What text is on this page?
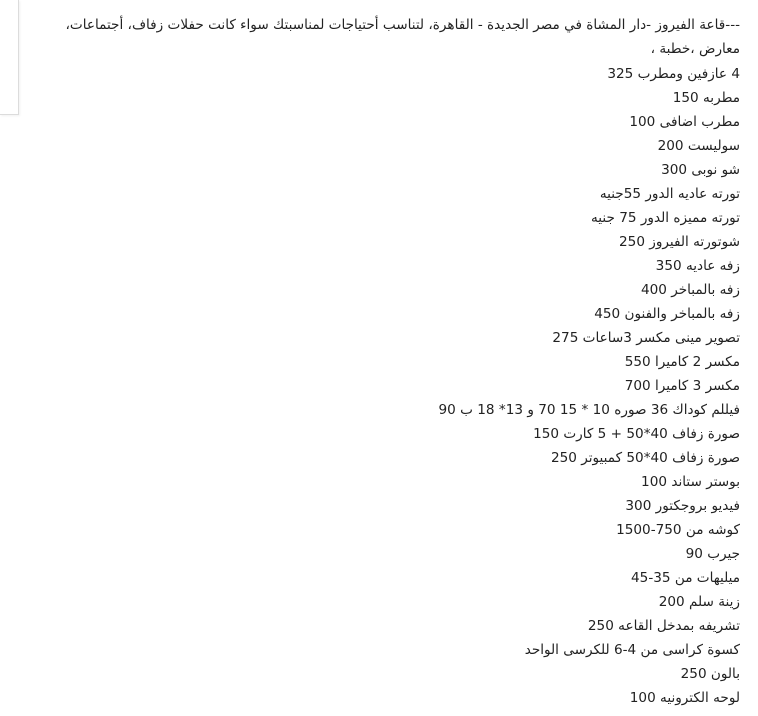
---قاعة الفيروز -دار المشاة في مصر الجديدة - القاهرة، لتناسب أحتياجات لمناسبتك سواء كانت حفلات زفاف، أجتماعات، معارض ،خطبة ،
4 عازفين ومطرب 325
مطربه 150
مطرب اضافى 100
سوليست 200
شو نوبى 300
تورته عاديه الدور 55جنيه
تورته مميزه الدور 75 جنيه
شوتورته الفيروز 250
زفه عاديه 350
زفه بالمباخر 400
زفه بالمباخر والفنون 450
تصوير مينى مكسر 3ساعات 275
مكسر 2 كاميرا 550
مكسر 3 كاميرا 700
فيللم كوداك 36 صوره 10 * 15 70 و 13* 18 ب 90
صورة زفاف 40*50 + 5 كارت 150
صورة زفاف 40*50 كمبيوتر 250
بوستر ستاند 100
فيديو بروجكتور 300
كوشه من 750-1500
جيرب 90
ميليهات من 35-45
زينة سلم 200
تشريفه بمدخل القاعه 250
كسوة كراسى من 4-6 للكرسى الواحد
بالون 250
لوحه الكترونيه 100
